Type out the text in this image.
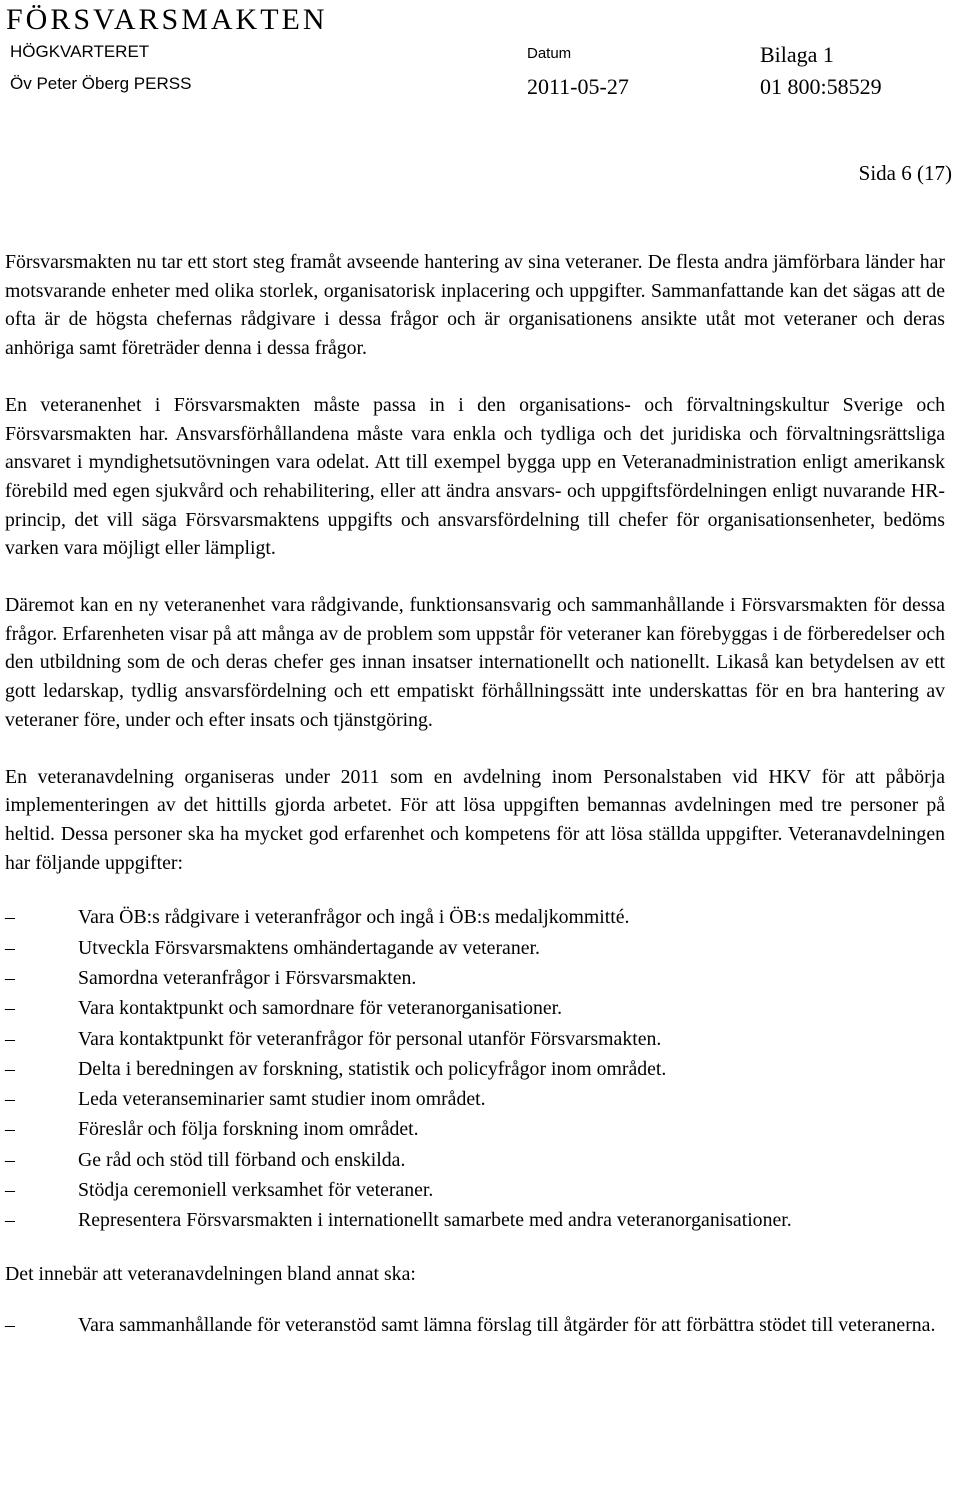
FÖRSVARSMAKTEN
HÖGKVARTERET
Öv Peter Öberg PERSS
Datum
2011-05-27
Bilaga 1
01 800:58529
Sida 6 (17)

Försvarsmakten nu tar ett stort steg framåt avseende hantering av sina veteraner. De flesta andra jämförbara länder har motsvarande enheter med olika storlek, organisatorisk inplacering och uppgifter. Sammanfattande kan det sägas att de ofta är de högsta chefernas rådgivare i dessa frågor och är organisationens ansikte utåt mot veteraner och deras anhöriga samt företräder denna i dessa frågor.

En veteranenhet i Försvarsmakten måste passa in i den organisations- och förvaltningskultur Sverige och Försvarsmakten har. Ansvarsförhållandena måste vara enkla och tydliga och det juridiska och förvaltningsrättsliga ansvaret i myndighetsutövningen vara odelat. Att till exempel bygga upp en Veteranadministration enligt amerikansk förebild med egen sjukvård och rehabilitering, eller att ändra ansvars- och uppgiftsfördelningen enligt nuvarande HR-princip, det vill säga Försvarsmaktens uppgifts och ansvarsfördelning till chefer för organisationsenheter, bedöms varken vara möjligt eller lämpligt.

Däremot kan en ny veteranenhet vara rådgivande, funktionsansvarig och sammanhållande i Försvarsmakten för dessa frågor. Erfarenheten visar på att många av de problem som uppstår för veteraner kan förebyggas i de förberedelser och den utbildning som de och deras chefer ges innan insatser internationellt och nationellt. Likaså kan betydelsen av ett gott ledarskap, tydlig ansvarsfördelning och ett empatiskt förhållningssätt inte underskattas för en bra hantering av veteraner före, under och efter insats och tjänstgöring.

En veteranavdelning organiseras under 2011 som en avdelning inom Personalstaben vid HKV för att påbörja implementeringen av det hittills gjorda arbetet. För att lösa uppgiften bemannas avdelningen med tre personer på heltid. Dessa personer ska ha mycket god erfarenhet och kompetens för att lösa ställda uppgifter. Veteranavdelningen har följande uppgifter:

–	Vara ÖB:s rådgivare i veteranfrågor och ingå i ÖB:s medaljkommitté.
–	Utveckla Försvarsmaktens omhändertagande av veteraner.
–	Samordna veteranfrågor i Försvarsmakten.
–	Vara kontaktpunkt och samordnare för veteranorganisationer.
–	Vara kontaktpunkt för veteranfrågor för personal utanför Försvarsmakten.
–	Delta i beredningen av forskning, statistik och policyfrågor inom området.
–	Leda veteranseminarier samt studier inom området.
–	Föreslår och följa forskning inom området.
–	Ge råd och stöd till förband och enskilda.
–	Stödja ceremoniell verksamhet för veteraner.
–	Representera Försvarsmakten i internationellt samarbete med andra veteranorganisationer.

Det innebär att veteranavdelningen bland annat ska:

–	Vara sammanhållande för veteranstöd samt lämna förslag till åtgärder för att förbättra stödet till veteranerna.
